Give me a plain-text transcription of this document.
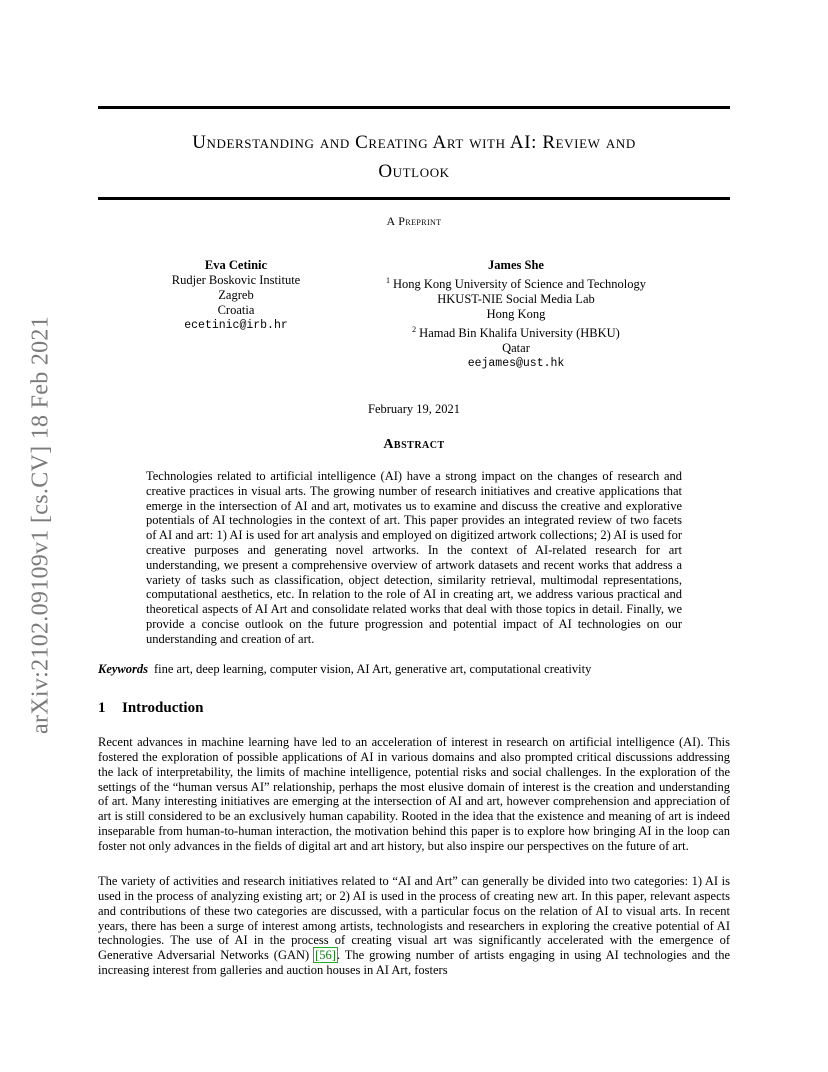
arXiv:2102.09109v1 [cs.CV] 18 Feb 2021
Understanding and Creating Art with AI: Review and
Outlook
A Preprint
Eva Cetinic
Rudjer Boskovic Institute
Zagreb
Croatia
ecetinic@irb.hr
James She
$^1$ Hong Kong University of Science and Technology
HKUST-NIE Social Media Lab
Hong Kong
$^2$ Hamad Bin Khalifa University (HBKU)
Qatar
eejames@ust.hk
February 19, 2021
Abstract
Technologies related to artificial intelligence (AI) have a strong impact on the changes of research and creative practices in visual arts. The growing number of research initiatives and creative applications that emerge in the intersection of AI and art, motivates us to examine and discuss the creative and explorative potentials of AI technologies in the context of art. This paper provides an integrated review of two facets of AI and art: 1) AI is used for art analysis and employed on digitized artwork collections; 2) AI is used for creative purposes and generating novel artworks. In the context of AI-related research for art understanding, we present a comprehensive overview of artwork datasets and recent works that address a variety of tasks such as classification, object detection, similarity retrieval, multimodal representations, computational aesthetics, etc. In relation to the role of AI in creating art, we address various practical and theoretical aspects of AI Art and consolidate related works that deal with those topics in detail. Finally, we provide a concise outlook on the future progression and potential impact of AI technologies on our understanding and creation of art.
Keywords fine art, deep learning, computer vision, AI Art, generative art, computational creativity
1 Introduction

Recent advances in machine learning have led to an acceleration of interest in research on artificial intelligence (AI). This fostered the exploration of possible applications of AI in various domains and also prompted critical discussions addressing the lack of interpretability, the limits of machine intelligence, potential risks and social challenges. In the exploration of the settings of the “human versus AI” relationship, perhaps the most elusive domain of interest is the creation and understanding of art. Many interesting initiatives are emerging at the intersection of AI and art, however comprehension and appreciation of art is still considered to be an exclusively human capability. Rooted in the idea that the existence and meaning of art is indeed inseparable from human-to-human interaction, the motivation behind this paper is to explore how bringing AI in the loop can foster not only advances in the fields of digital art and art history, but also inspire our perspectives on the future of art.

The variety of activities and research initiatives related to “AI and Art” can generally be divided into two categories: 1) AI is used in the process of analyzing existing art; or 2) AI is used in the process of creating new art. In this paper, relevant aspects and contributions of these two categories are discussed, with a particular focus on the relation of AI to visual arts. In recent years, there has been a surge of interest among artists, technologists and researchers in exploring the creative potential of AI technologies. The use of AI in the process of creating visual art was significantly accelerated with the emergence of Generative Adversarial Networks (GAN) [56]. The growing number of artists engaging in using AI technologies and the increasing interest from galleries and auction houses in AI Art, fosters
